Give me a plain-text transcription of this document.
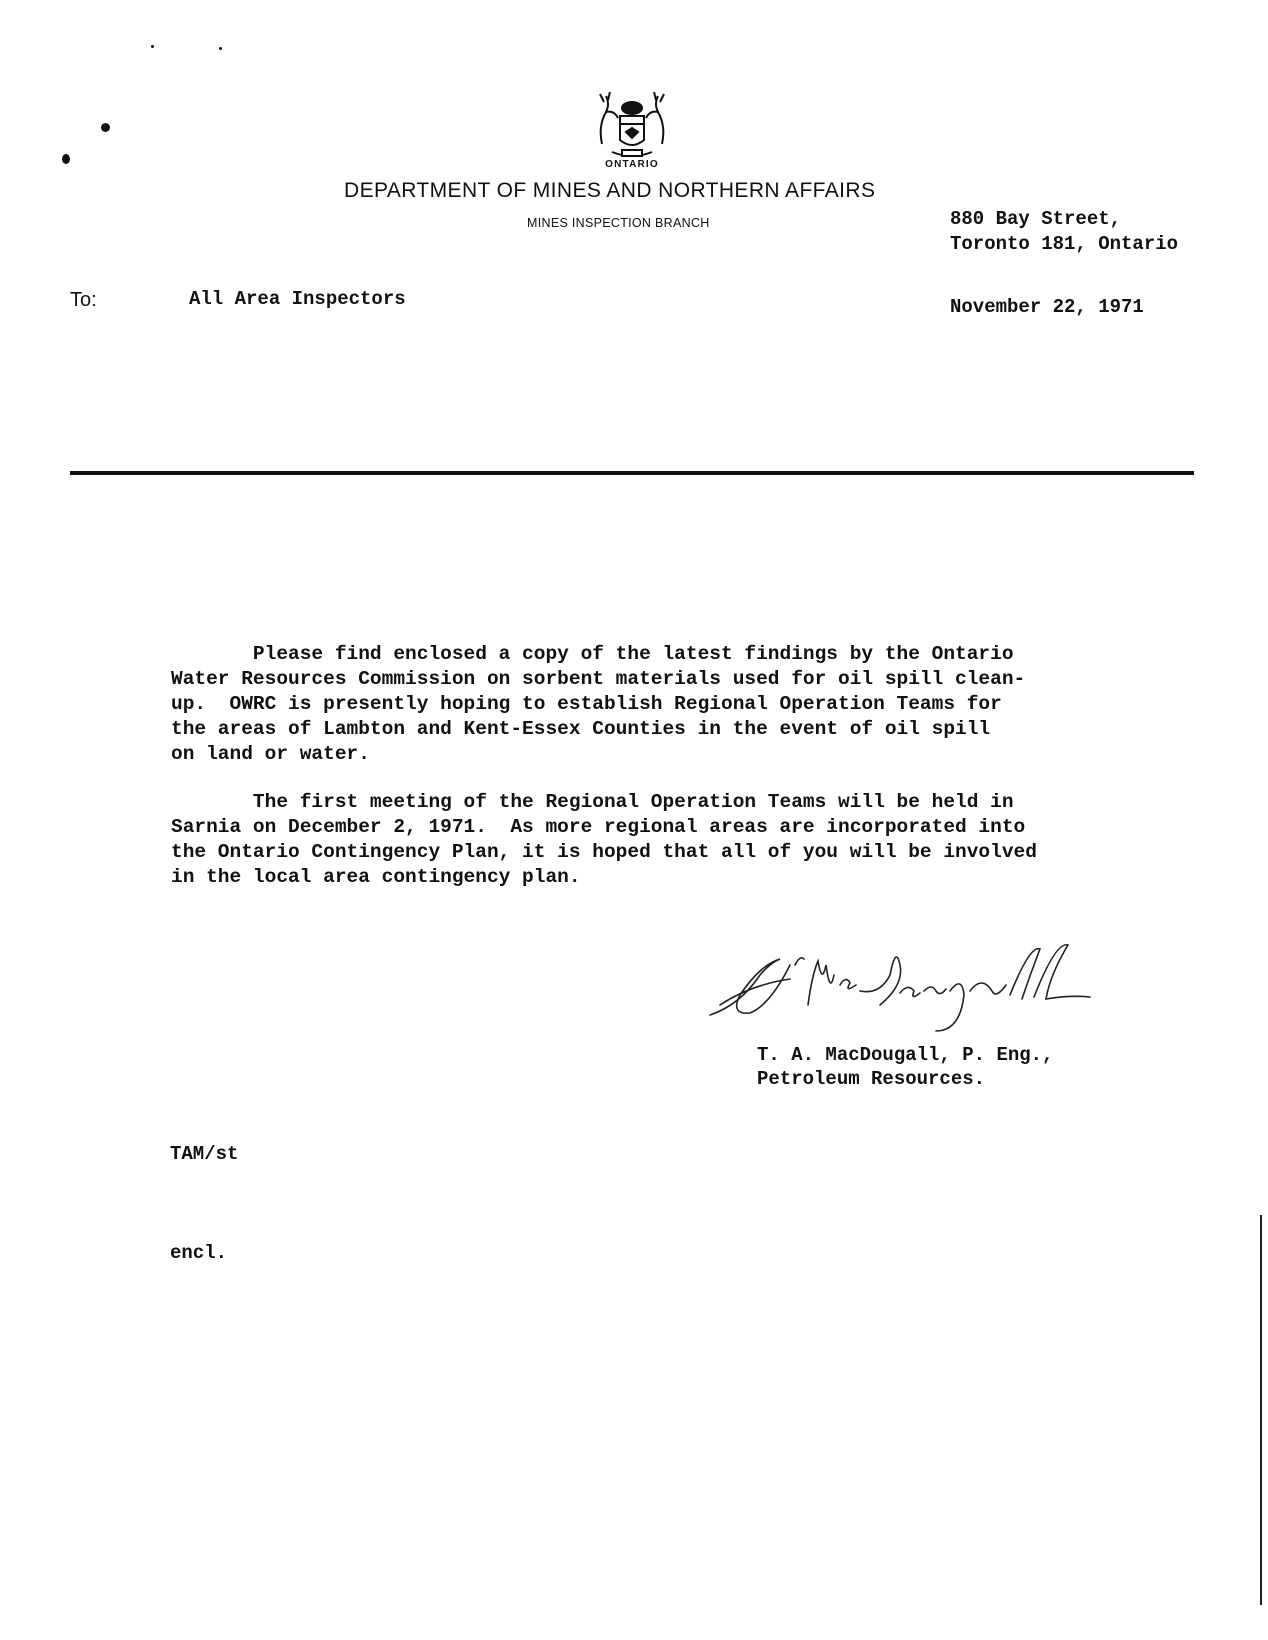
ONTARIO
DEPARTMENT OF MINES AND NORTHERN AFFAIRS
MINES INSPECTION BRANCH	880 Bay Street,
Toronto 181, Ontario
To:	All Area Inspectors	November 22, 1971
Please find enclosed a copy of the latest findings by the Ontario
Water Resources Commission on sorbent materials used for oil spill clean-
up.  OWRC is presently hoping to establish Regional Operation Teams for
the areas of Lambton and Kent-Essex Counties in the event of oil spill
on land or water.
The first meeting of the Regional Operation Teams will be held in
Sarnia on December 2, 1971.  As more regional areas are incorporated into
the Ontario Contingency Plan, it is hoped that all of you will be involved
in the local area contingency plan.
T. A. MacDougall, P. Eng.,
Petroleum Resources.
TAM/st
encl.
